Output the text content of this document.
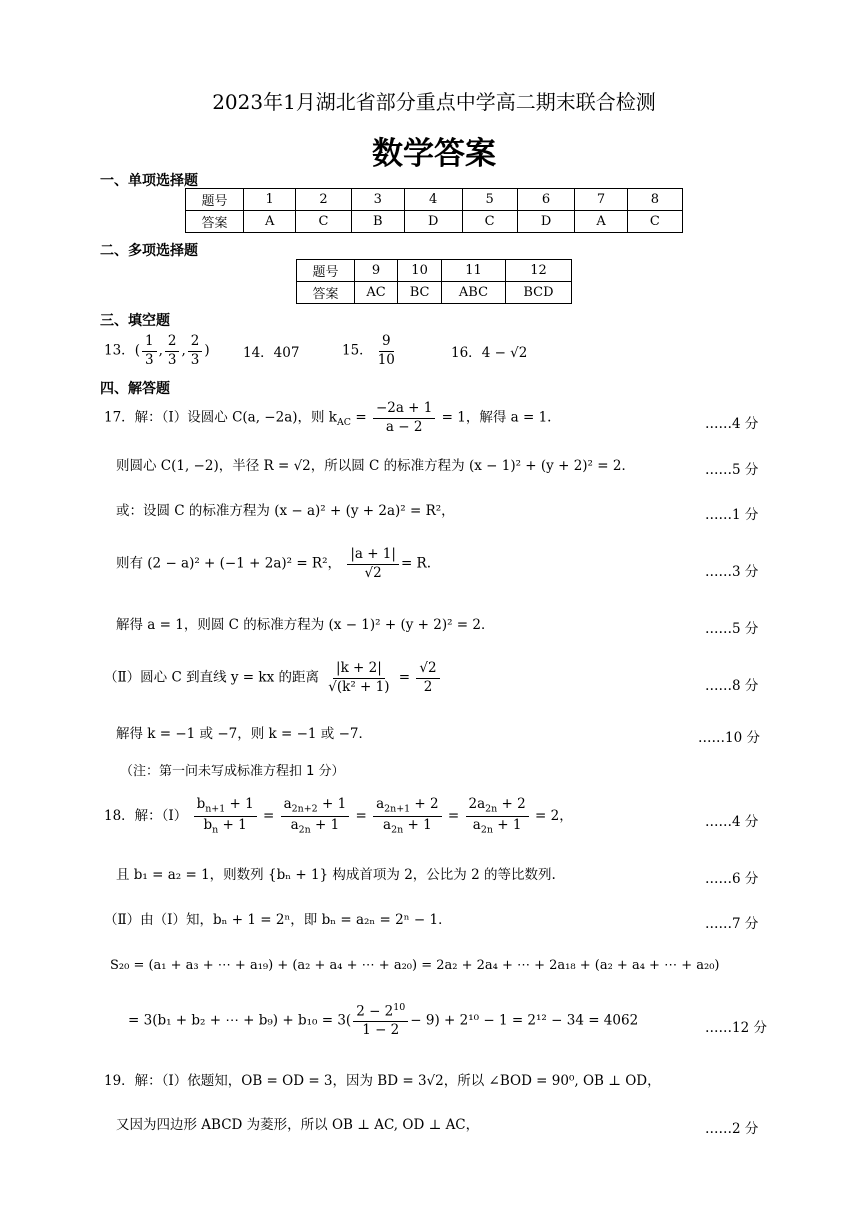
2023年1月湖北省部分重点中学高二期末联合检测
数学答案
一、单项选择题
题号	1	2	3	4	5	6	7	8
答案	A	C	B	D	C	D	A	C
二、多项选择题
题号	9	10	11	12
答案	AC	BC	ABC	BCD
三、填空题
13．( $\frac{1}{3}$ , $\frac{2}{3}$ , $\frac{2}{3}$ ) 14．407	15． $\frac{9}{10}$	16．4 − √2
四、解答题
17．解：（Ⅰ）设圆心 C(a, −2a)，则 $k_{AC} = \frac{-2a + 1}{a - 2} = 1$，解得 a = 1.	……4 分
则圆心 C(1, −2)，半径 R = √2，所以圆 C 的标准方程为 (x − 1)² + (y + 2)² = 2．	……5 分
或：设圆 C 的标准方程为 (x − a)² + (y + 2a)² = R²，	……1 分
则有 (2 − a)² + (−1 + 2a)² = R²， $\frac{|a + 1|}{√2} = R$.
……3 分
解得 a = 1，则圆 C 的标准方程为 (x − 1)² + (y + 2)² = 2．	……5 分
（Ⅱ）圆心 C 到直线 y = kx 的距离 $\frac{|k + 2|}{\text{√(k² + 1)}} = \frac{√2}{2}$	……8 分
解得 k = −1 或 −7，则 k = −1 或 −7．	……10 分
（注：第一问未写成标准方程扣 1 分）
18．解：（Ⅰ） $\frac{b_{n+1} + 1}{b_n + 1} = \frac{a_{2n+2} + 1}{a_{2n} + 1} = \frac{a_{2n+1} + 2}{a_{2n} + 1} = \frac{2a_{2n} + 2}{a_{2n} + 1} = 2$，	……4 分
且 b₁ = a₂ = 1，则数列 {bₙ + 1} 构成首项为 2，公比为 2 的等比数列.	……6 分
（Ⅱ）由（Ⅰ）知，bₙ + 1 = 2ⁿ，即 bₙ = a₂ₙ = 2ⁿ − 1．	……7 分
S₂₀ = (a₁ + a₃ + ⋯ + a₁₉) + (a₂ + a₄ + ⋯ + a₂₀) = 2a₂ + 2a₄ + ⋯ + 2a₁₈ + (a₂ + a₄ + ⋯ + a₂₀)
= 3(b₁ + b₂ + ⋯ + $b_9) + b_{10} = 3( \frac{2 - 2^{10}}{1 - 2} - 9) + 2^{10} - 1 = 2^{12} - 34 = 4062$	……12 分
19．解：（Ⅰ）依题知，OB = OD = 3，因为 BD = 3√2，所以 ∠BOD = 90⁰, OB ⊥ OD，
又因为四边形 ABCD 为菱形，所以 OB ⊥ AC, OD ⊥ AC，	……2 分
